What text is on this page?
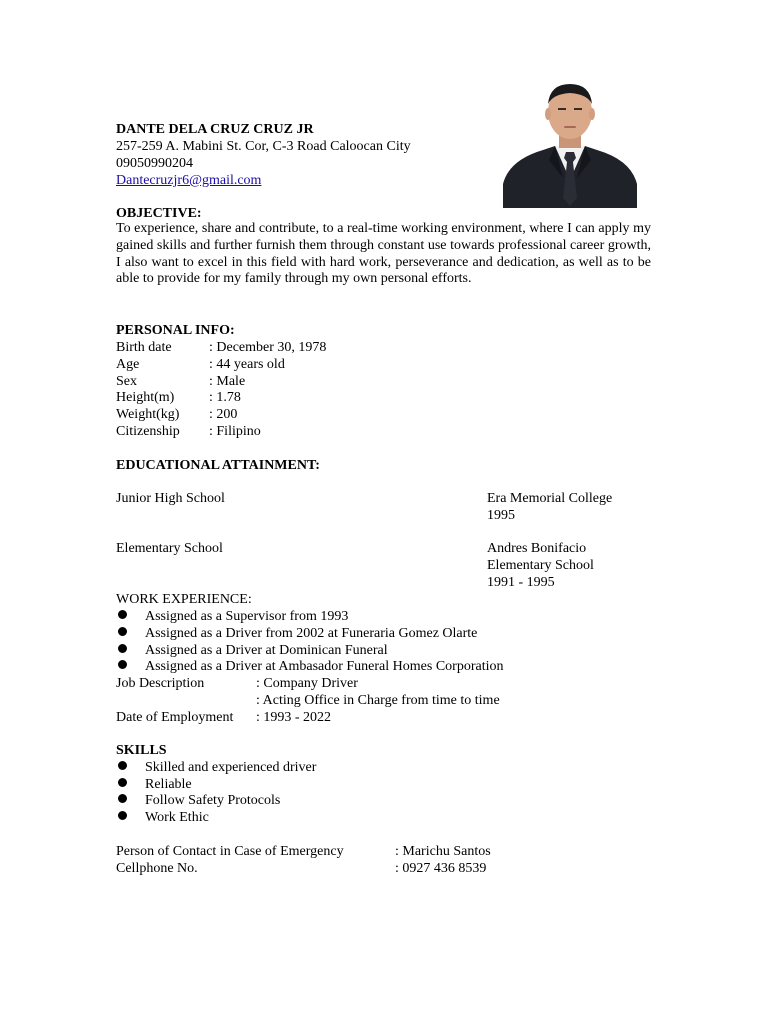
DANTE DELA CRUZ CRUZ JR
257-259 A. Mabini St. Cor, C-3 Road Caloocan City
09050990204
Dantecruzjr6@gmail.com
OBJECTIVE:
To experience, share and contribute, to a real-time working environment, where I can apply my gained skills and further furnish them through constant use towards professional career growth, I also want to excel in this field with hard work, perseverance and dedication, as well as to be able to provide for my family through my own personal efforts.
PERSONAL INFO:
Birth date	: December 30, 1978
Age	: 44 years old
Sex	: Male
Height(m) : 1.78
Weight(kg) : 200
Citizenship : Filipino
EDUCATIONAL ATTAINMENT:
Junior High School	Era Memorial College
1995
Elementary School	Andres Bonifacio
Elementary School
1991 - 1995
WORK EXPERIENCE:
Assigned as a Supervisor from 1993
Assigned as a Driver from 2002 at Funeraria Gomez Olarte
Assigned as a Driver at Dominican Funeral
Assigned as a Driver at Ambasador Funeral Homes Corporation
Job Description	: Company Driver
: Acting Office in Charge from time to time
Date of Employment : 1993 - 2022
SKILLS
Skilled and experienced driver
Reliable
Follow Safety Protocols
Work Ethic
Person of Contact in Case of Emergency	: Marichu Santos
Cellphone No.	: 0927 436 8539
